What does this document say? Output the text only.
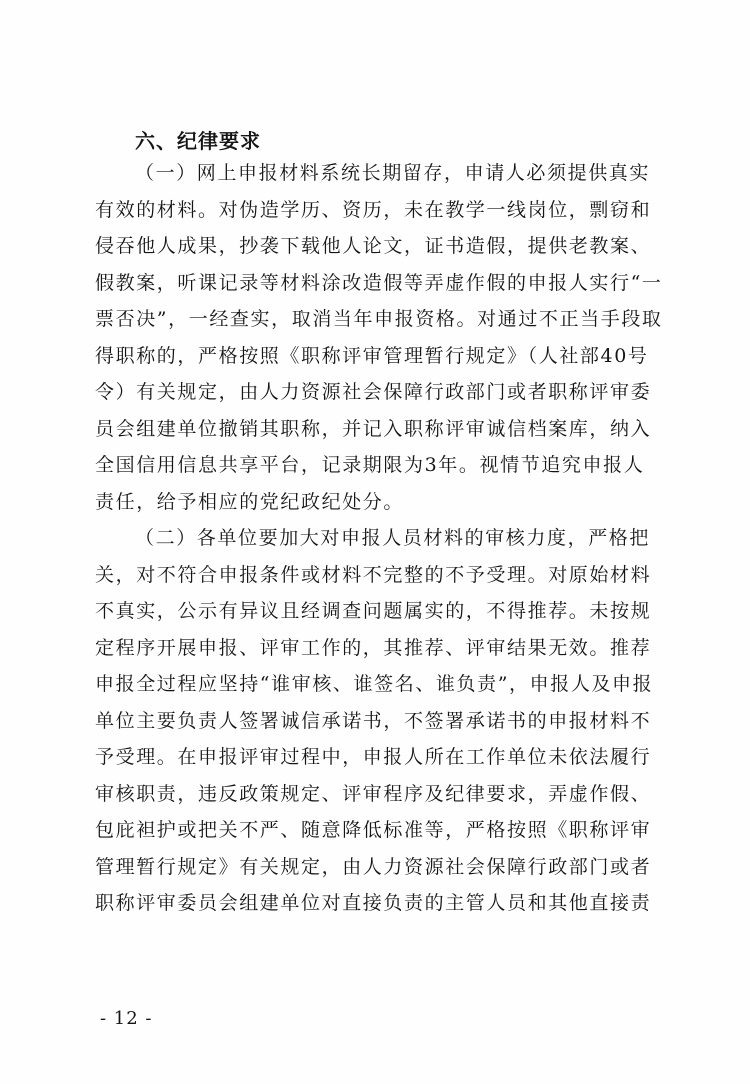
六、纪律要求
（一）网上申报材料系统长期留存，申请人必须提供真实
有效的材料。对伪造学历、资历，未在教学一线岗位，剽窃和
侵吞他人成果，抄袭下载他人论文，证书造假，提供老教案、
假教案，听课记录等材料涂改造假等弄虚作假的申报人实行“一
票否决”，一经查实，取消当年申报资格。对通过不正当手段取
得职称的，严格按照《职称评审管理暂行规定》（人社部40号
令）有关规定，由人力资源社会保障行政部门或者职称评审委
员会组建单位撤销其职称，并记入职称评审诚信档案库，纳入
全国信用信息共享平台，记录期限为3年。视情节追究申报人
责任，给予相应的党纪政纪处分。
（二）各单位要加大对申报人员材料的审核力度，严格把
关，对不符合申报条件或材料不完整的不予受理。对原始材料
不真实，公示有异议且经调查问题属实的，不得推荐。未按规
定程序开展申报、评审工作的，其推荐、评审结果无效。推荐
申报全过程应坚持“谁审核、谁签名、谁负责”，申报人及申报
单位主要负责人签署诚信承诺书，不签署承诺书的申报材料不
予受理。在申报评审过程中，申报人所在工作单位未依法履行
审核职责，违反政策规定、评审程序及纪律要求，弄虚作假、
包庇袒护或把关不严、随意降低标准等，严格按照《职称评审
管理暂行规定》有关规定，由人力资源社会保障行政部门或者
职称评审委员会组建单位对直接负责的主管人员和其他直接责
- 12 -
